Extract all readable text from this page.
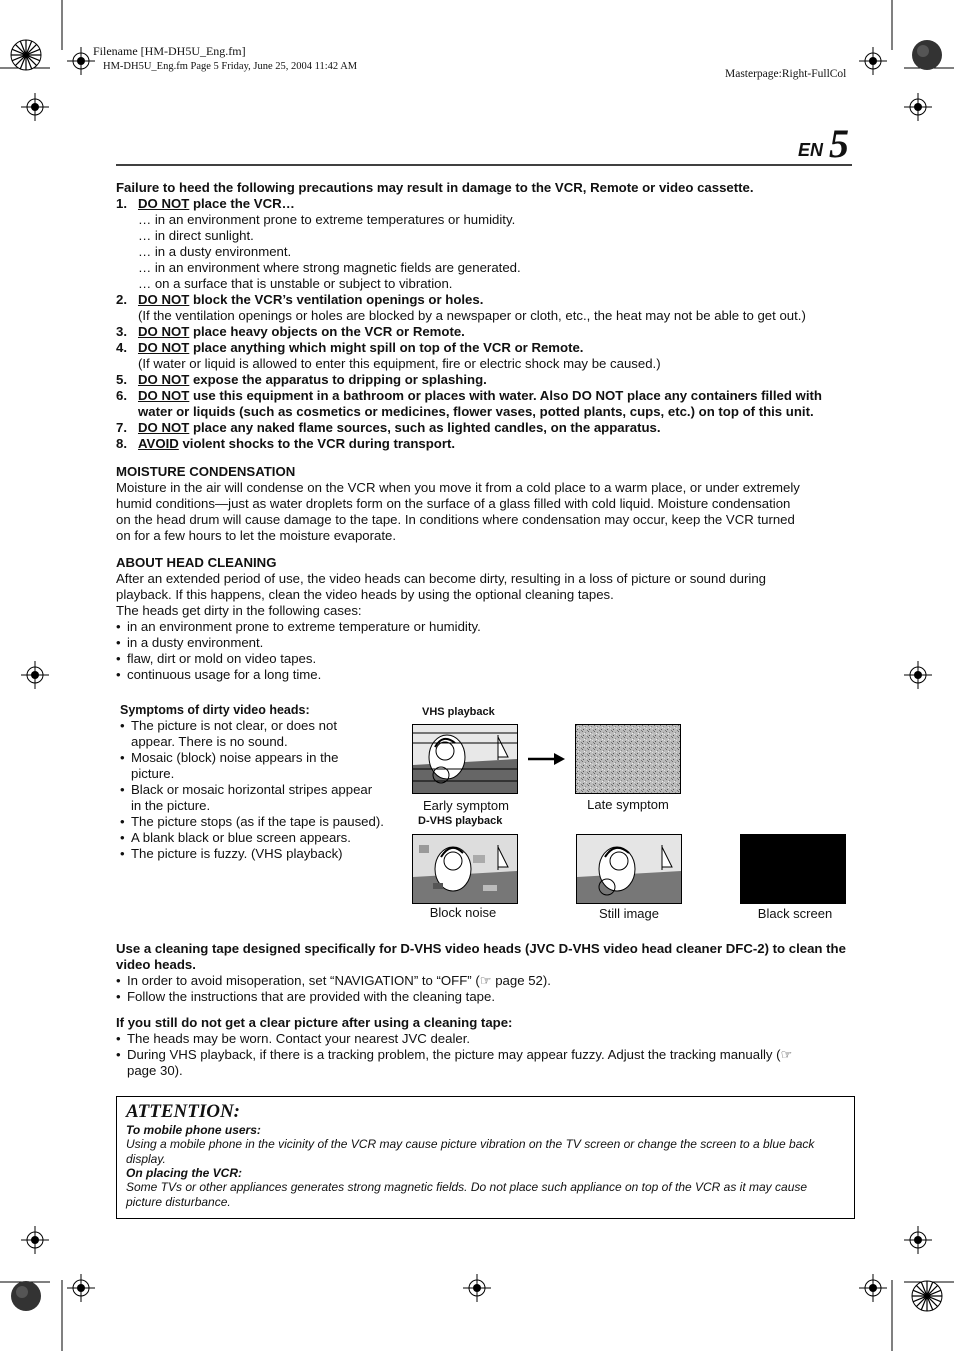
Filename [HM-DH5U_Eng.fm]
HM-DH5U_Eng.fm Page 5 Friday, June 25, 2004 11:42 AM
Masterpage:Right-FullCol
EN 5
Failure to heed the following precautions may result in damage to the VCR, Remote or video cassette.
1. DO NOT place the VCR…
… in an environment prone to extreme temperatures or humidity.
… in direct sunlight.
… in a dusty environment.
… in an environment where strong magnetic fields are generated.
… on a surface that is unstable or subject to vibration.
2. DO NOT block the VCR’s ventilation openings or holes.
(If the ventilation openings or holes are blocked by a newspaper or cloth, etc., the heat may not be able to get out.)
3. DO NOT place heavy objects on the VCR or Remote.
4. DO NOT place anything which might spill on top of the VCR or Remote.
(If water or liquid is allowed to enter this equipment, fire or electric shock may be caused.)
5. DO NOT expose the apparatus to dripping or splashing.
6. DO NOT use this equipment in a bathroom or places with water. Also DO NOT place any containers filled with
water or liquids (such as cosmetics or medicines, flower vases, potted plants, cups, etc.) on top of this unit.
7. DO NOT place any naked flame sources, such as lighted candles, on the apparatus.
8. AVOID violent shocks to the VCR during transport.
MOISTURE CONDENSATION
Moisture in the air will condense on the VCR when you move it from a cold place to a warm place, or under extremely
humid conditions—just as water droplets form on the surface of a glass filled with cold liquid. Moisture condensation
on the head drum will cause damage to the tape. In conditions where condensation may occur, keep the VCR turned
on for a few hours to let the moisture evaporate.
ABOUT HEAD CLEANING
After an extended period of use, the video heads can become dirty, resulting in a loss of picture or sound during
playback. If this happens, clean the video heads by using the optional cleaning tapes.
The heads get dirty in the following cases:
• in an environment prone to extreme temperature or humidity.
• in a dusty environment.
• flaw, dirt or mold on video tapes.
• continuous usage for a long time.
Symptoms of dirty video heads:
• The picture is not clear, or does not
appear. There is no sound.
• Mosaic (block) noise appears in the
picture.
• Black or mosaic horizontal stripes appear
in the picture.
• The picture stops (as if the tape is paused).
• A blank black or blue screen appears.
• The picture is fuzzy. (VHS playback)
VHS playback
D-VHS playback
Early symptom	Late symptom
Block noise	Still image	Black screen
Use a cleaning tape designed specifically for D-VHS video heads (JVC D-VHS video head cleaner DFC-2) to clean the
video heads.
• In order to avoid misoperation, set “NAVIGATION” to “OFF” (☞ page 52).
• Follow the instructions that are provided with the cleaning tape.
If you still do not get a clear picture after using a cleaning tape:
• The heads may be worn. Contact your nearest JVC dealer.
• During VHS playback, if there is a tracking problem, the picture may appear fuzzy. Adjust the tracking manually (☞
page 30).
ATTENTION:
To mobile phone users:
Using a mobile phone in the vicinity of the VCR may cause picture vibration on the TV screen or change the screen to a blue back
display.
On placing the VCR:
Some TVs or other appliances generates strong magnetic fields. Do not place such appliance on top of the VCR as it may cause
picture disturbance.
